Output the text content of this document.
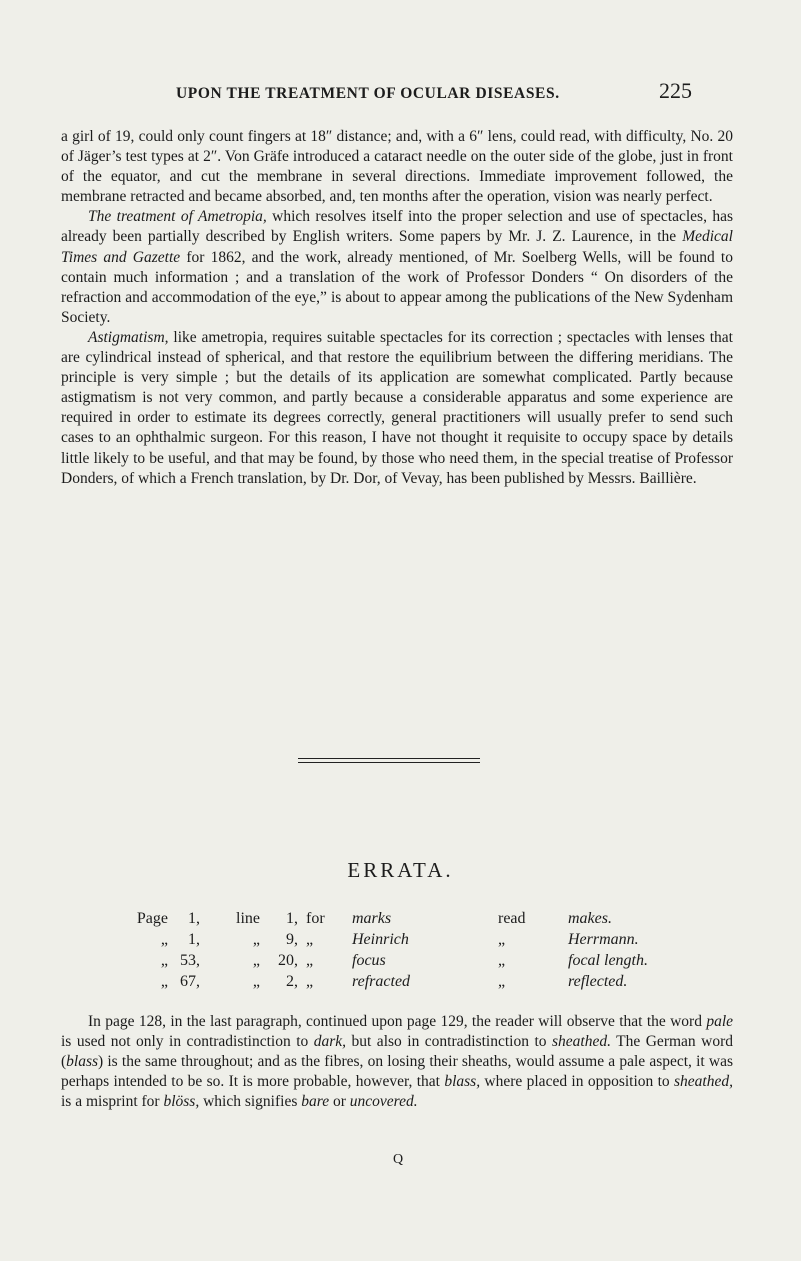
UPON THE TREATMENT OF OCULAR DISEASES.	225

a girl of 19, could only count fingers at 18″ distance; and, with a 6″ lens, could read, with difficulty, No. 20 of Jäger’s test types at 2″. Von Gräfe introduced a cataract needle on the outer side of the globe, just in front of the equator, and cut the membrane in several directions. Immediate improvement followed, the membrane retracted and became absorbed, and, ten months after the operation, vision was nearly perfect.

The treatment of Ametropia, which resolves itself into the proper selection and use of spectacles, has already been partially described by English writers. Some papers by Mr. J. Z. Laurence, in the Medical Times and Gazette for 1862, and the work, already mentioned, of Mr. Soelberg Wells, will be found to contain much information ; and a translation of the work of Professor Donders “ On disorders of the refraction and accommodation of the eye,” is about to appear among the publications of the New Sydenham Society.

Astigmatism, like ametropia, requires suitable spectacles for its correction ; spectacles with lenses that are cylindrical instead of spherical, and that restore the equilibrium between the differing meridians. The principle is very simple ; but the details of its application are somewhat complicated. Partly because astigmatism is not very common, and partly because a considerable apparatus and some experience are required in order to estimate its degrees correctly, general practitioners will usually prefer to send such cases to an ophthalmic surgeon. For this reason, I have not thought it requisite to occupy space by details little likely to be useful, and that may be found, by those who need them, in the special treatise of Professor Donders, of which a French translation, by Dr. Dor, of Vevay, has been published by Messrs. Baillière.

ERRATA.
Page	1,	line	1, for	marks	read	makes.
„	1,	„	9, „	Heinrich	„	Herrmann.
„ 53,	„	20, „	focus	„	focal length.
„ 67,	„	2, „	refracted	„	reflected.

In page 128, in the last paragraph, continued upon page 129, the reader will observe that the word pale is used not only in contradistinction to dark, but also in contradistinction to sheathed. The German word (blass) is the same throughout; and as the fibres, on losing their sheaths, would assume a pale aspect, it was perhaps intended to be so. It is more probable, however, that blass, where placed in opposition to sheathed, is a misprint for blöss, which signifies bare or uncovered.

Q
